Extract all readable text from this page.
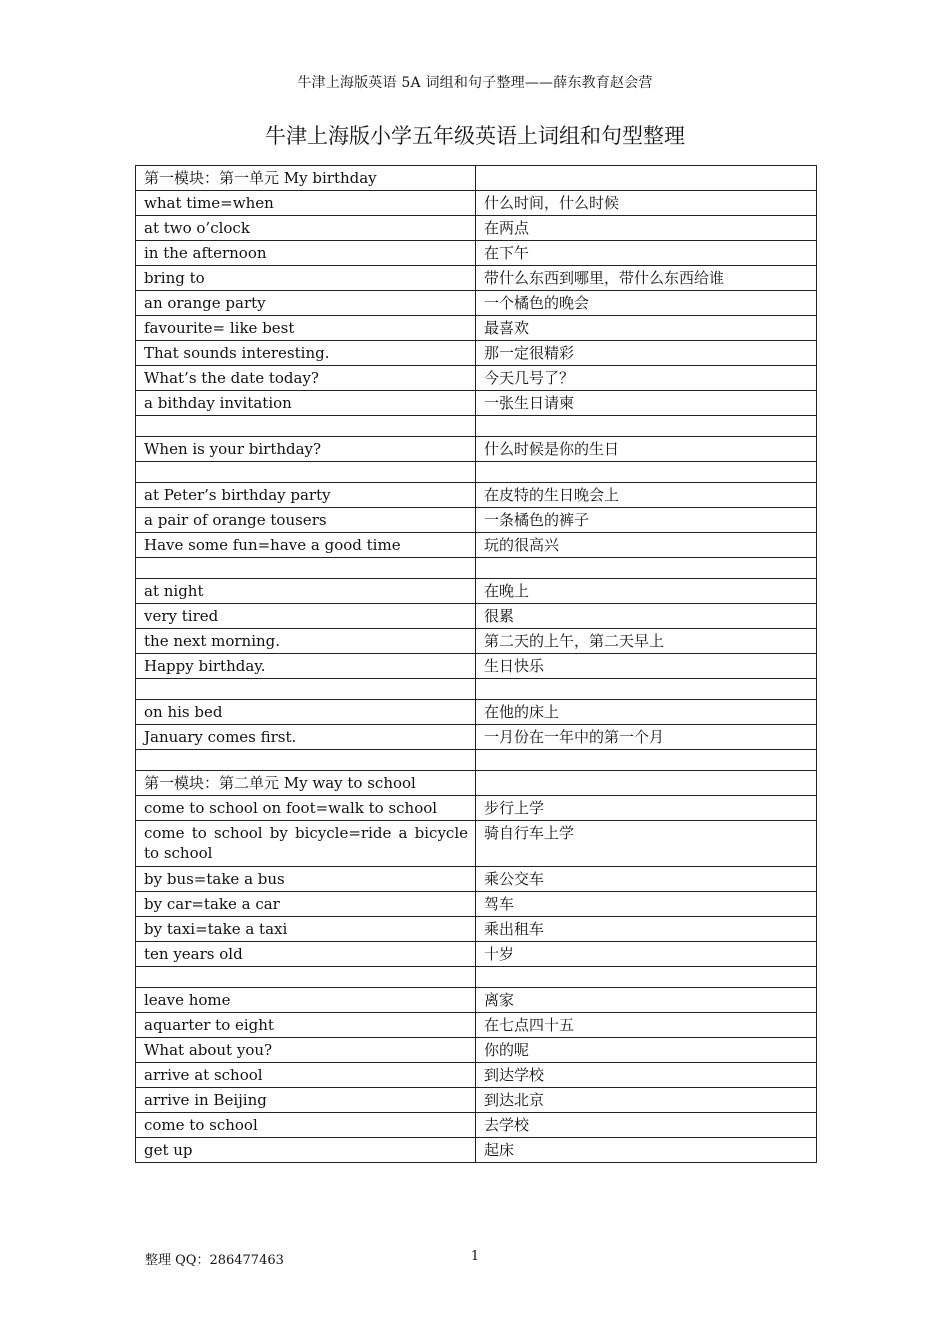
牛津上海版英语 5A 词组和句子整理——薛东教育赵会营
牛津上海版小学五年级英语上词组和句型整理
第一模块：第一单元 My birthday	
what time=when	什么时间，什么时候
at two o’clock	在两点
in the afternoon	在下午
bring to	带什么东西到哪里，带什么东西给谁
an orange party	一个橘色的晚会
favourite= like best	最喜欢
That sounds interesting.	那一定很精彩
What’s the date today?	今天几号了？
a bithday invitation	一张生日请柬

When is your birthday?	什么时候是你的生日

at Peter’s birthday party	在皮特的生日晚会上
a pair of orange tousers	一条橘色的裤子
Have some fun=have a good time	玩的很高兴

at night	在晚上
very tired	很累
the next morning.	第二天的上午，第二天早上
Happy birthday.	生日快乐

on his bed	在他的床上
January comes first.	一月份在一年中的第一个月

第一模块：第二单元 My way to school	
come to school on foot=walk to school	步行上学
come to school by bicycle=ride a bicycle to school	骑自行车上学
by bus=take a bus	乘公交车
by car=take a car	驾车
by taxi=take a taxi	乘出租车
ten years old	十岁

leave home	离家
aquarter to eight	在七点四十五
What about you?	你的呢
arrive at school	到达学校
arrive in Beijing	到达北京
come to school	去学校
get up	起床
整理 QQ：286477463	1
